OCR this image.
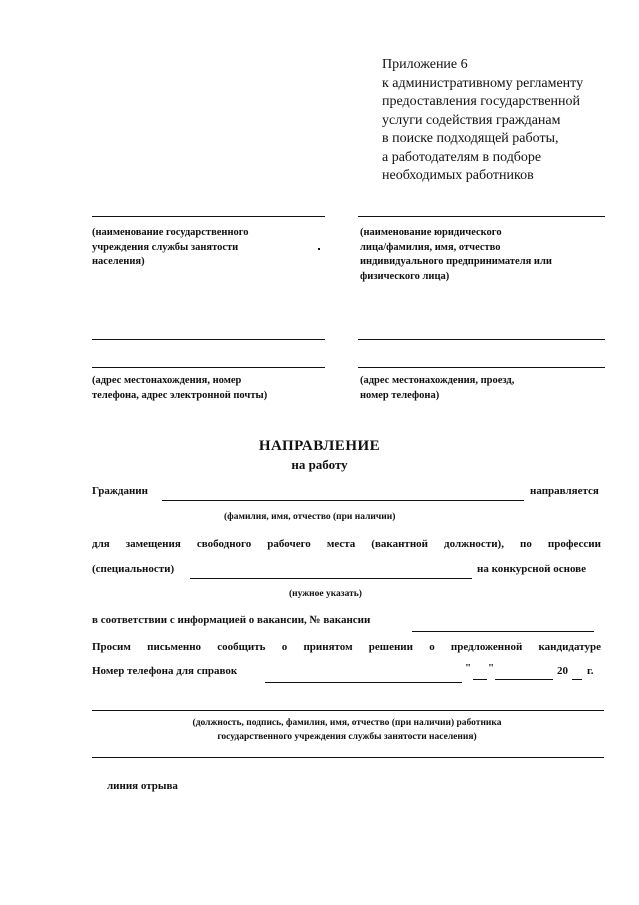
Приложение 6
к административному регламенту
предоставления государственной
услуги содействия гражданам
в поиске подходящей работы,
а работодателям в подборе
необходимых работников
(наименование государственного
учреждения службы занятости
населения)
(наименование юридического
лица/фамилия, имя, отчество
индивидуального предпринимателя или
физического лица)
(адрес местонахождения, номер
телефона, адрес электронной почты)
(адрес местонахождения, проезд,
номер телефона)
НАПРАВЛЕНИЕ
на работу
Гражданин	направляется
(фамилия, имя, отчество (при наличии)
для замещения свободного рабочего места (вакантной должности), по профессии
(специальности)	на конкурсной основе
(нужное указать)
в соответствии с информацией о вакансии, № вакансии
Просим письменно сообщить о принятом решении о предложенной кандидатуре
Номер телефона для справок	" "	20 г.
(должность, подпись, фамилия, имя, отчество (при наличии) работника
государственного учреждения службы занятости населения)
линия отрыва
